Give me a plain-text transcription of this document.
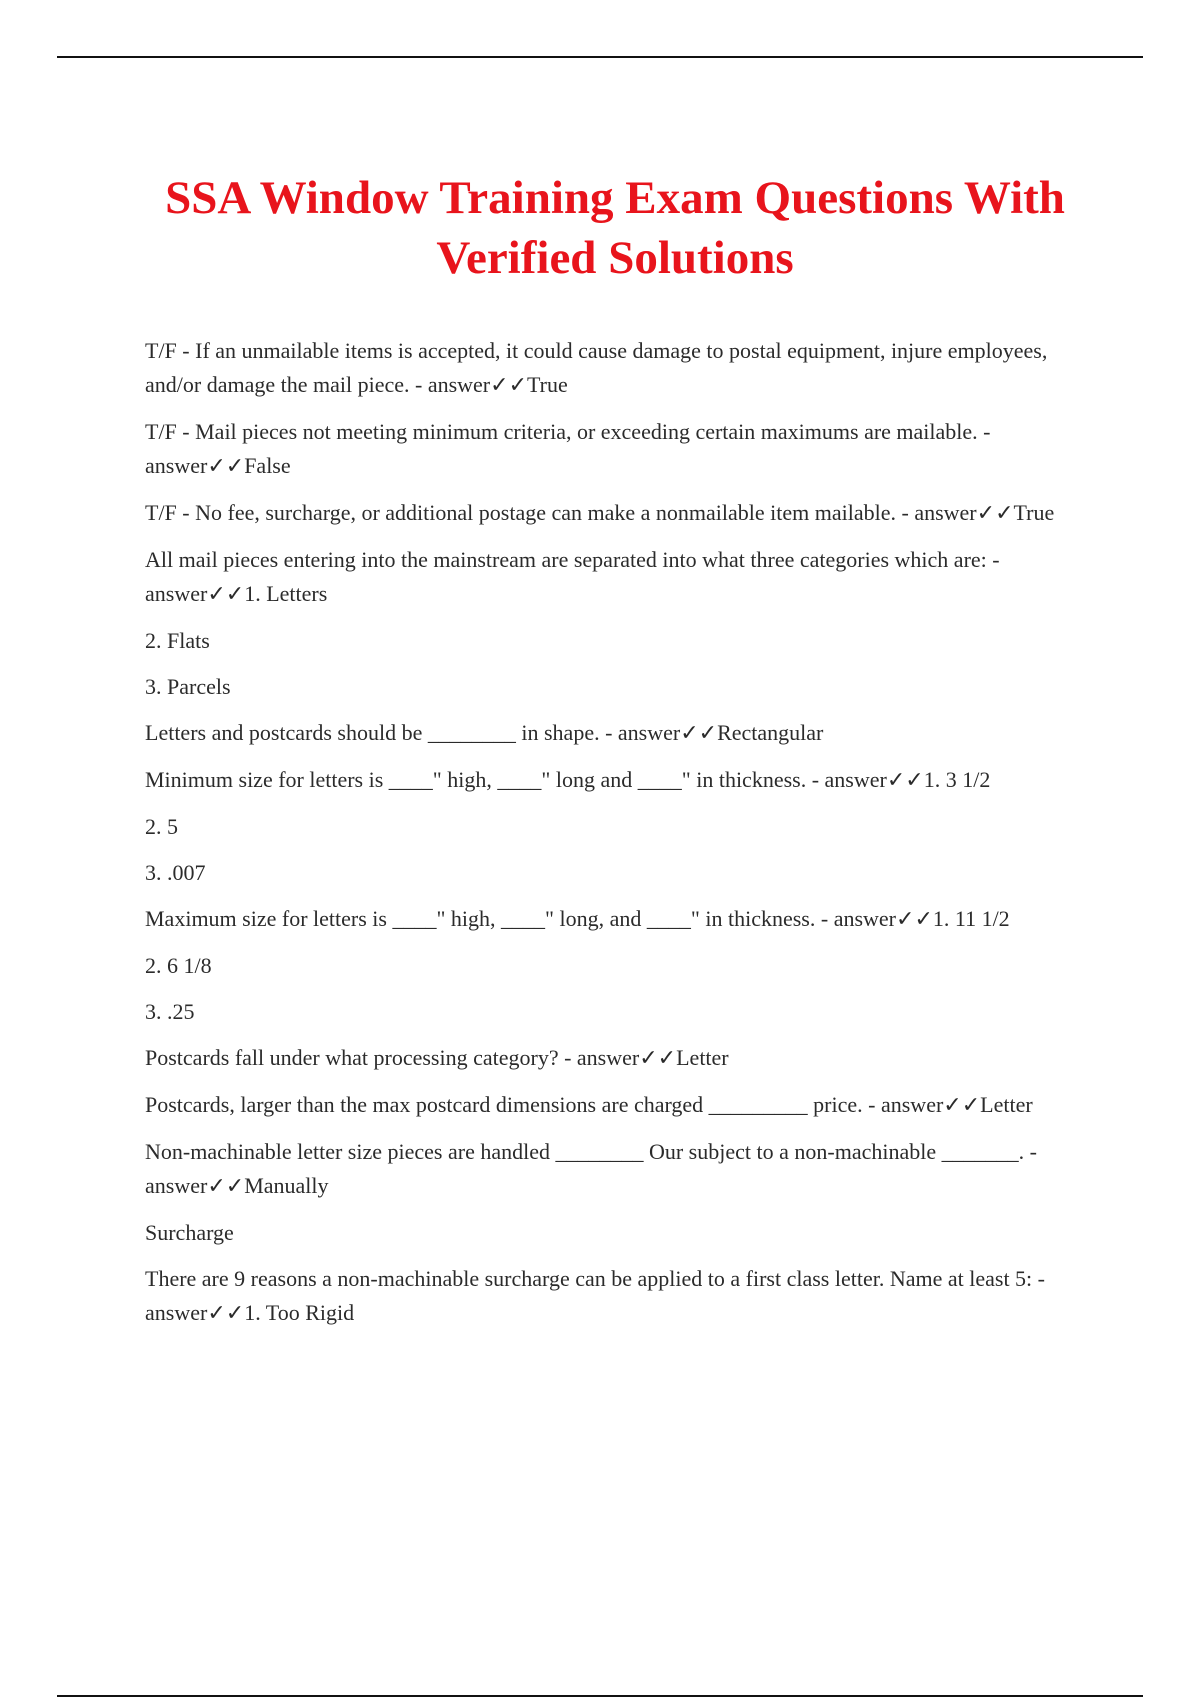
SSA Window Training Exam Questions With Verified Solutions

T/F - If an unmailable items is accepted, it could cause damage to postal equipment, injure employees, and/or damage the mail piece. - answer✓✓True

T/F - Mail pieces not meeting minimum criteria, or exceeding certain maximums are mailable. - answer✓✓False

T/F - No fee, surcharge, or additional postage can make a nonmailable item mailable. - answer✓✓True

All mail pieces entering into the mainstream are separated into what three categories which are: - answer✓✓1. Letters

2. Flats

3. Parcels

Letters and postcards should be ________ in shape. - answer✓✓Rectangular

Minimum size for letters is ____" high, ____" long and ____" in thickness. - answer✓✓1. 3 1/2

2. 5

3. .007

Maximum size for letters is ____" high, ____" long, and ____" in thickness. - answer✓✓1. 11 1/2

2. 6 1/8

3. .25

Postcards fall under what processing category? - answer✓✓Letter

Postcards, larger than the max postcard dimensions are charged _________ price. - answer✓✓Letter

Non-machinable letter size pieces are handled ________ Our subject to a non-machinable _______. - answer✓✓Manually

Surcharge

There are 9 reasons a non-machinable surcharge can be applied to a first class letter. Name at least 5: - answer✓✓1. Too Rigid
